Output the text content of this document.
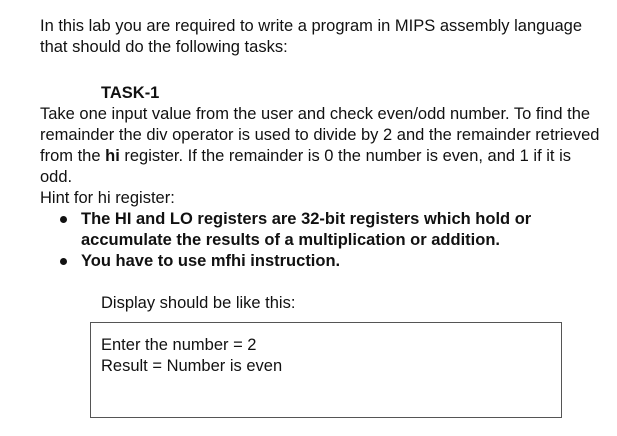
In this lab you are required to write a program in MIPS assembly language that should do the following tasks:
TASK-1
Take one input value from the user and check even/odd number. To find the remainder the div operator is used to divide by 2 and the remainder retrieved from the hi register. If the remainder is 0 the number is even, and 1 if it is odd.
Hint for hi register:
The HI and LO registers are 32-bit registers which hold or accumulate the results of a multiplication or addition.
You have to use mfhi instruction.
Display should be like this:
Enter the number = 2
Result = Number is even
